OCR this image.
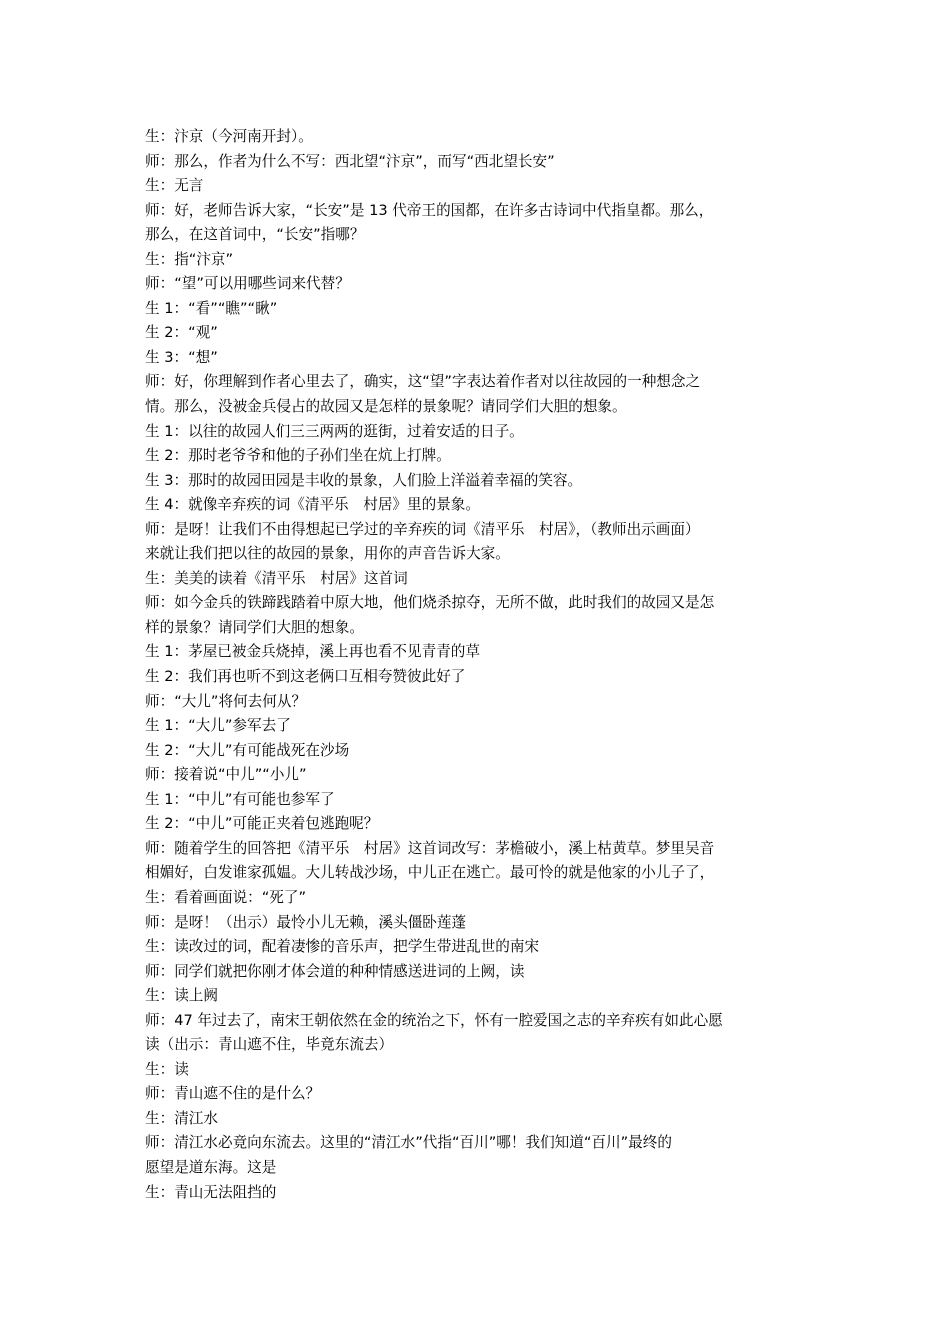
生：汴京（今河南开封）。
师：那么，作者为什么不写：西北望“汴京”，而写“西北望长安”
生：无言
师：好，老师告诉大家，“长安”是 13 代帝王的国都，在许多古诗词中代指皇都。那么，
那么，在这首词中，“长安”指哪？
生：指“汴京”
师：“望”可以用哪些词来代替？
生 1：“看”“瞧”“瞅”
生 2：“观”
生 3：“想”
师：好，你理解到作者心里去了，确实，这“望”字表达着作者对以往故园的一种想念之
情。那么，没被金兵侵占的故园又是怎样的景象呢？请同学们大胆的想象。
生 1：以往的故园人们三三两两的逛街，过着安适的日子。
生 2：那时老爷爷和他的子孙们坐在炕上打牌。
生 3：那时的故园田园是丰收的景象，人们脸上洋溢着幸福的笑容。
生 4：就像辛弃疾的词《清平乐　村居》里的景象。
师：是呀！让我们不由得想起已学过的辛弃疾的词《清平乐　村居》，（教师出示画面）
来就让我们把以往的故园的景象，用你的声音告诉大家。
生：美美的读着《清平乐　村居》这首词
师：如今金兵的铁蹄践踏着中原大地，他们烧杀掠夺，无所不做，此时我们的故园又是怎
样的景象？请同学们大胆的想象。
生 1：茅屋已被金兵烧掉，溪上再也看不见青青的草
生 2：我们再也听不到这老俩口互相夸赞彼此好了
师：“大儿”将何去何从？
生 1：“大儿”参军去了
生 2：“大儿”有可能战死在沙场
师：接着说“中儿”“小儿”
生 1：“中儿”有可能也参军了
生 2：“中儿”可能正夹着包逃跑呢？
师：随着学生的回答把《清平乐　村居》这首词改写：茅檐破小，溪上枯黄草。梦里吴音
相媚好，白发谁家孤媪。大儿转战沙场，中儿正在逃亡。最可怜的就是他家的小儿子了，
生：看着画面说：“死了”
师：是呀！（出示）最怜小儿无赖，溪头僵卧莲蓬
生：读改过的词，配着凄惨的音乐声，把学生带进乱世的南宋
师：同学们就把你刚才体会道的种种情感送进词的上阙，读
生：读上阙
师：47 年过去了，南宋王朝依然在金的统治之下，怀有一腔爱国之志的辛弃疾有如此心愿
读（出示：青山遮不住，毕竟东流去）
生：读
师：青山遮不住的是什么？
生：清江水
师：清江水必竟向东流去。这里的“清江水”代指“百川”哪！我们知道“百川”最终的
愿望是道东海。这是
生：青山无法阻挡的
